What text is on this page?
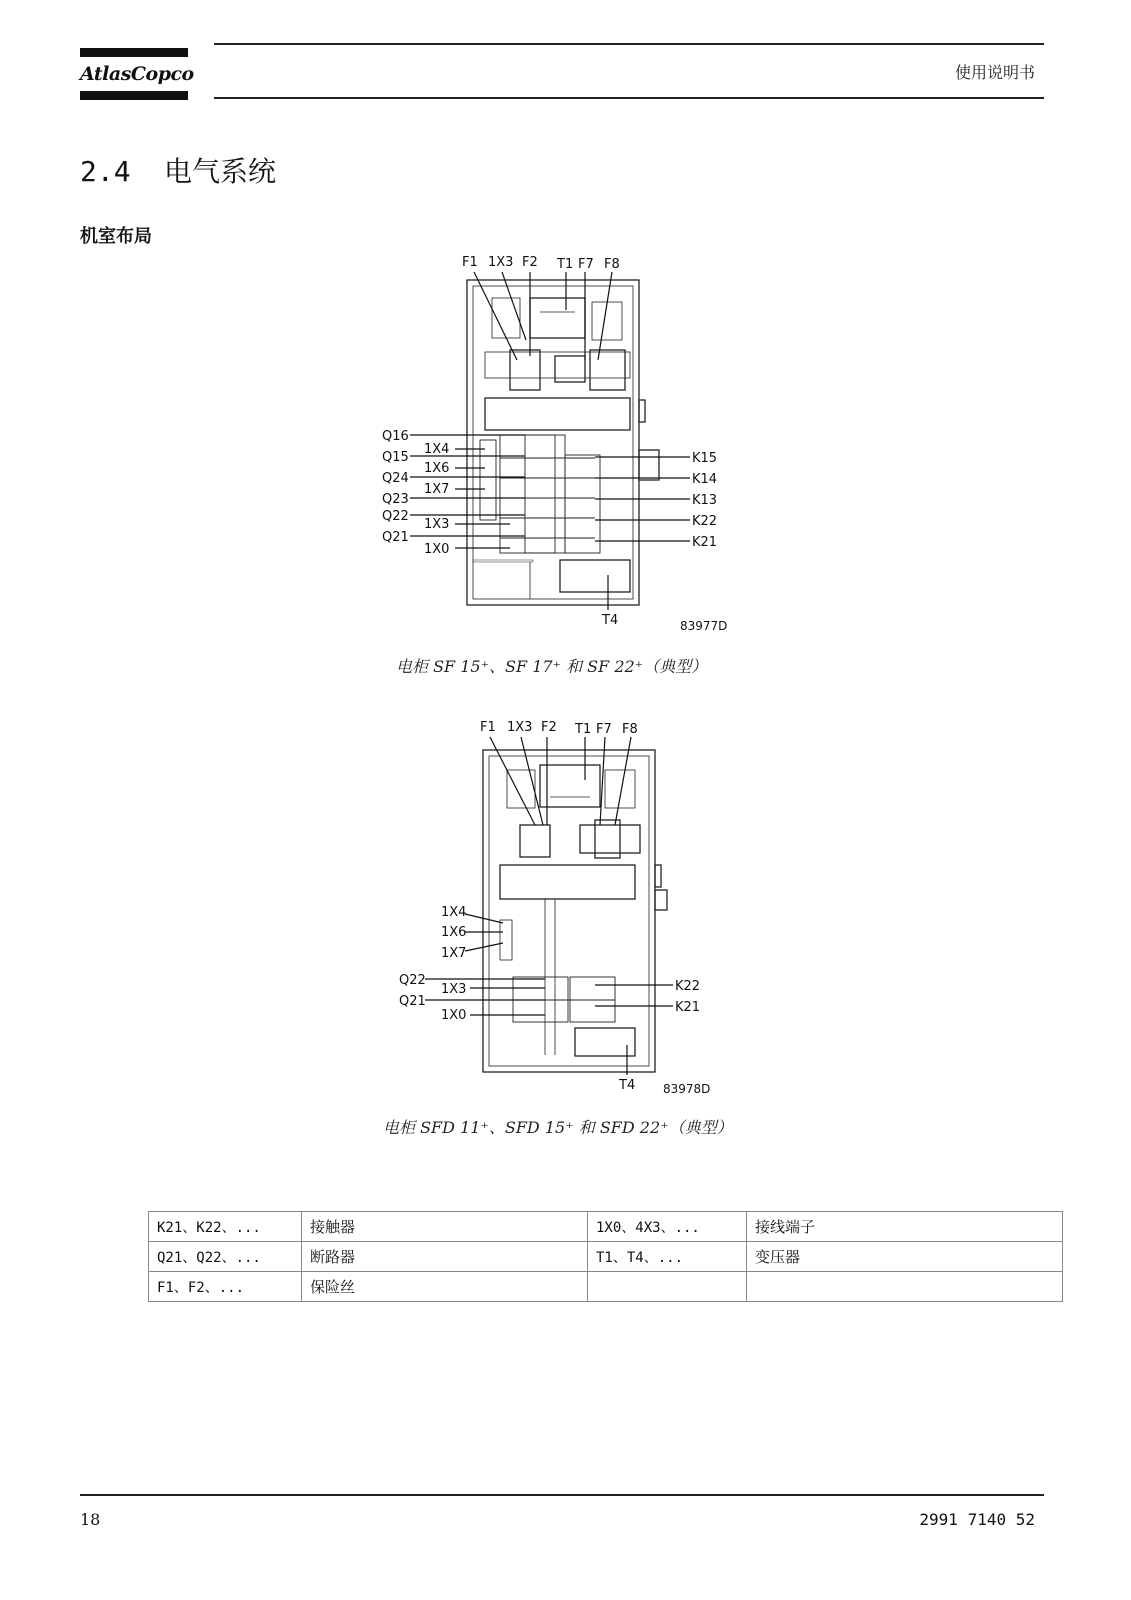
AtlasCopco	使用说明书
2.4 电气系统
机室布局
F1 1X3 F2 T1 F7 F8
Q16
1X4
Q15
1X6
Q24
1X7
Q23
Q22
1X3
Q21
1X0
K15
K14
K13
K22
K21
T4	83977D
电柜 SF 15⁺、SF 17⁺ 和 SF 22⁺（典型）
F1 1X3 F2 T1 F7 F8
1X4
1X6
1X7
Q22
1X3
Q21
1X0
K22
K21
T4 83978D
电柜 SFD 11⁺、SFD 15⁺ 和 SFD 22⁺（典型）
K21、K22、...	接触器	1X0、4X3、...	接线端子
Q21、Q22、...	断路器	T1、T4、...	变压器
F1、F2、...	保险丝		
18	2991 7140 52
